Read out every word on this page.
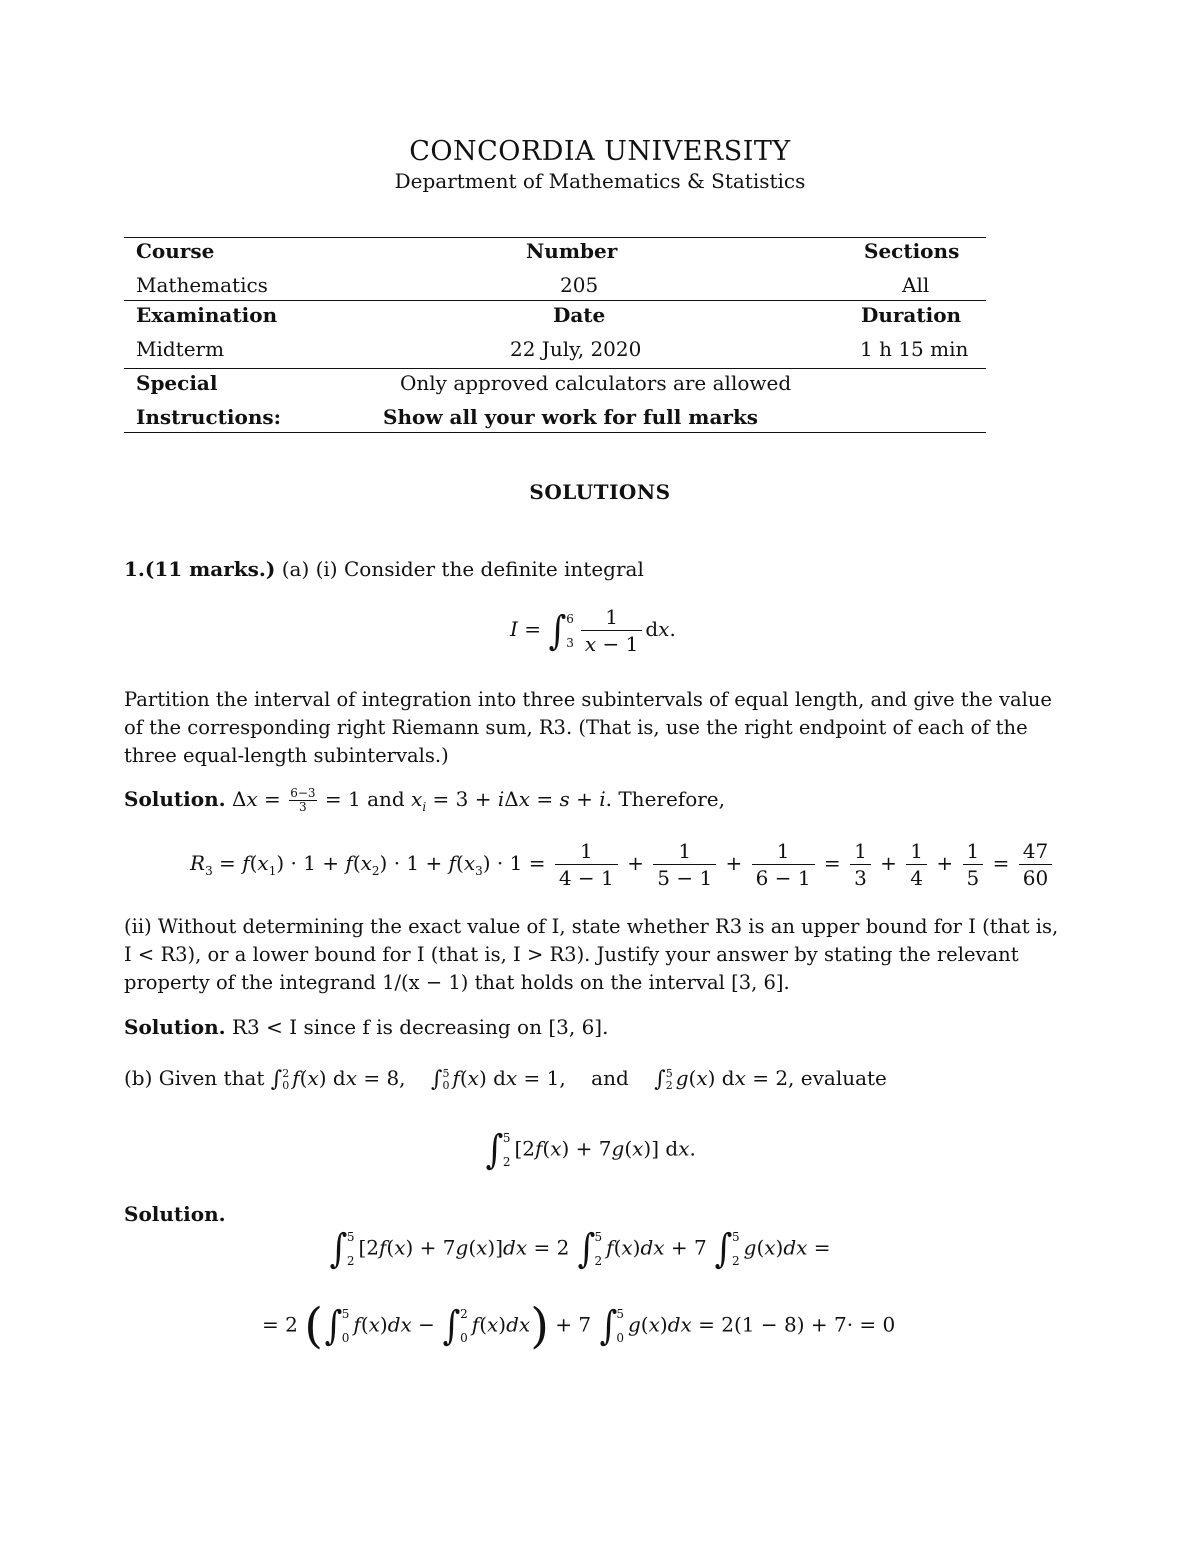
CONCORDIA UNIVERSITY
Department of Mathematics & Statistics
Course	Number	Sections
Mathematics	205	All
Examination	Date	Duration
Midterm	22 July, 2020	1 h 15 min
Special	Only approved calculators are allowed
Instructions:	Show all your work for full marks
SOLUTIONS
1.(11 marks.) (a) (i) Consider the definite integral
I = ∫ 6
$3 \frac{1}{x - 1}$ dx.
Partition the interval of integration into three subintervals of equal length, and give the value of the corresponding right Riemann sum, R3. (That is, use the right endpoint of each of the three equal-length subintervals.)
Solution. $\Delta x = \frac{6-3}{3} = 1$ and $x_i = 3 + i\Delta x = s + i$. Therefore,
$R_3 = f(x_1) \cdot 1 + f(x_2) \cdot 1 + f(x_3) \cdot 1 = \frac{1}{4 - 1} + \frac{1}{5 - 1} + \frac{1}{6 - 1} = \frac{1}{3} + \frac{1}{4} + \frac{1}{5} = \frac{47}{60}$
(ii) Without determining the exact value of I, state whether R3 is an upper bound for I (that is, I < R3), or a lower bound for I (that is, I > R3). Justify your answer by stating the relevant property of the integrand 1/(x − 1) that holds on the interval [3, 6].
Solution. R3 < I since f is decreasing on [3, 6].
(b) Given that ∫ 2
0 f(x) dx = 8,    ∫ 5
0 f(x) dx = 1,    and ∫ 5
2 g(x) dx = 2, evaluate
∫ 5
2
[2f(x) + 7g(x)] dx.
Solution.
∫ 5
2
[2f(x) + 7g(x)]dx = 2 ∫ 5
2
f(x)dx + 7 ∫ 5
2
g(x)dx =
= 2 (∫ 5
0
f(x)dx − ∫ 2
0
f(x)dx) + 7 ∫ 5
0
g(x)dx = 2(1 − 8) + 7· = 0
